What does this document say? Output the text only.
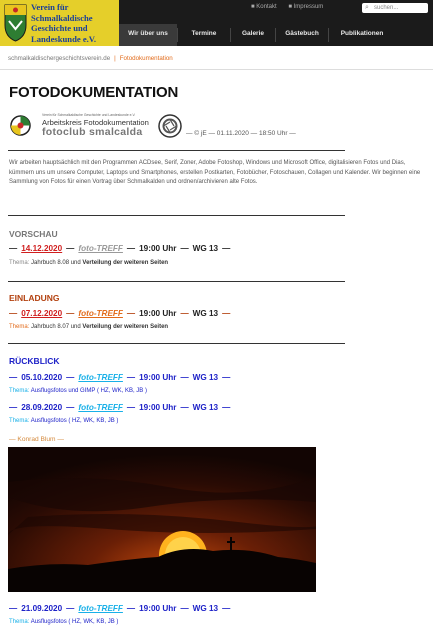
Verein für Schmalkaldische Geschichte und Landeskunde e.V.
■ Kontakt ■ Impressum	⌕ suchen...
Wir über uns	Termine	Galerie	Gästebuch	Publikationen
schmalkaldischergeschichtsverein.de | Fotodokumentation
FOTODOKUMENTATION
Verein für Schmalkaldische Geschichte und Landeskunde e.V.
Arbeitskreis Fotodokumentation
fotoclub smalcalda	— © jE — 01.11.2020 — 18:50 Uhr —
Wir arbeiten hauptsächlich mit den Programmen ACDsee, Serif, Zoner, Adobe Fotoshop, Windows und Microsoft Office, digitalisieren Fotos und Dias, kümmern uns um unsere Computer, Laptops und Smartphones, erstellen Postkarten, Fotobücher, Fotoschauen, Collagen und Kalender. Wir beginnen eine Sammlung von Fotos für einen Vortrag über Schmalkalden und ordnen/archivieren alte Fotos.
VORSCHAU
— 14.12.2020 — foto-TREFF — 19:00 Uhr — WG 13 —
Thema: Jahrbuch 8.08 und Verteilung der weiteren Seiten
EINLADUNG
— 07.12.2020 — foto-TREFF — 19:00 Uhr — WG 13 —
Thema: Jahrbuch 8.07 und Verteilung der weiteren Seiten
RÜCKBLICK
— 05.10.2020 — foto-TREFF — 19:00 Uhr — WG 13 —
Thema: Ausflugsfotos und GIMP ( HZ, WK, KB, JB )
— 28.09.2020 — foto-TREFF — 19:00 Uhr — WG 13 —
Thema: Ausflugsfotos ( HZ, WK, KB, JB )
— Konrad Blum —
— 21.09.2020 — foto-TREFF — 19:00 Uhr — WG 13 —
Thema: Ausflugsfotos ( HZ, WK, KB, JB )
